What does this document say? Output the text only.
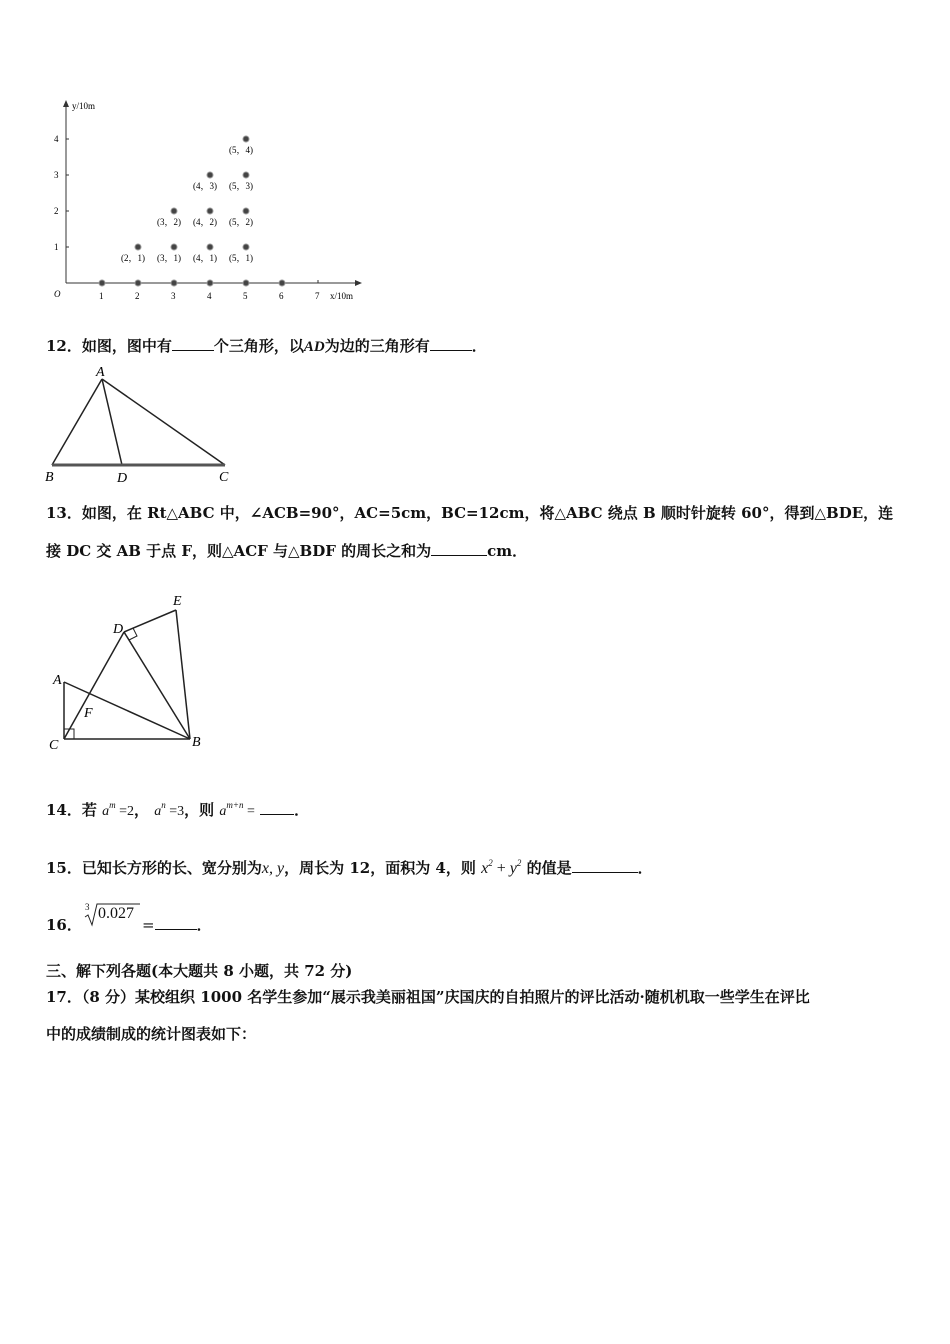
y/10m
x/10m
O	1	2	3	4	5	6	7
1
2
3
4
(2，1) (3，1) (4，1) (5，1)
(3，2) (4，2) (5，2)
(4，3) (5，3)
(5，4)
12．如图，图中有	个三角形，以AD为边的三角形有	．
A
B	D	C
13．如图，在 Rt△ABC 中，∠ACB=90°，AC=5cm，BC=12cm，将△ABC 绕点 B 顺时针旋转 60°，得到△BDE，连
接 DC 交 AB 于点 F，则△ACF 与△BDF 的周长之和为	cm．
A
C	B
D
E
F
14．若 $a^m =2$， $a^n =3$，则 $a^{m+n}$ =	．
15．已知长方形的长、宽分别为x, y，周长为 12，面积为 4，则 $x^2 + y^2$ 的值是	．
16．
3 0.027
=	．
三、解下列各题(本大题共 8 小题，共 72 分)
17．（8 分）某校组织 1000 名学生参加“展示我美丽祖国”庆国庆的自拍照片的评比活动·随机机取一些学生在评比
中的成绩制成的统计图表如下：
